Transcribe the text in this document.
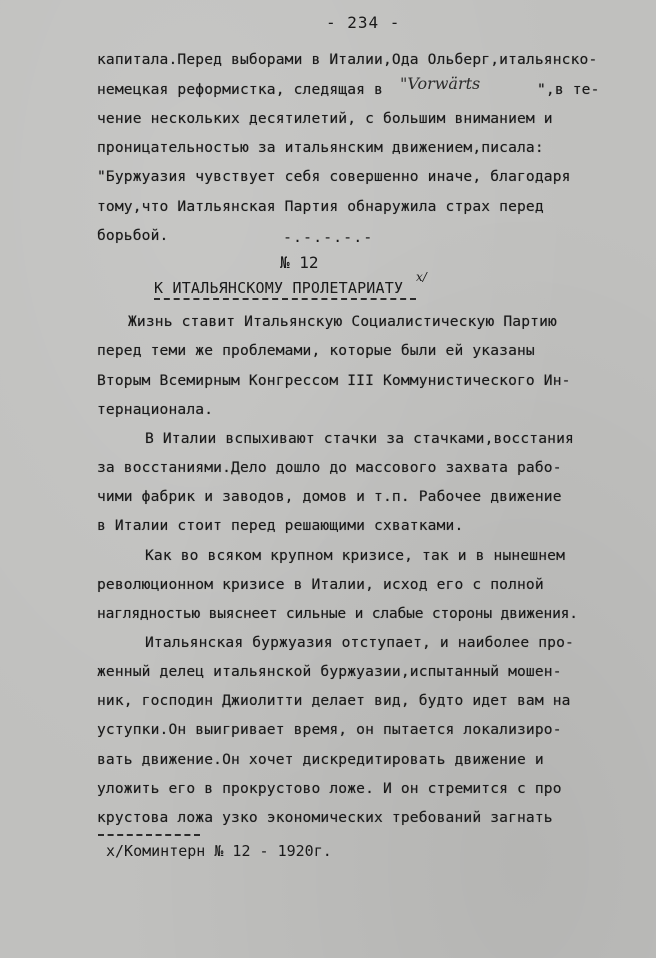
- 234 -
капитала.Перед выборами в Италии,Ода Ольберг,итальянско-
немецкая реформистка, следящая в "Vorwärts	",в те-
чение нескольких десятилетий, с большим вниманием и
проницательностью за итальянским движением,писала:
"Буржуазия чувствует себя совершенно иначе, благодаря
тому,что Иатльянская Партия обнаружила страх перед
борьбой.	-.-.-.-.-
№ 12
К ИТАЛЬЯНСКОМУ ПРОЛЕТАРИАТУ
х/
Жизнь ставит Итальянскую Социалистическую Партию
перед теми же проблемами, которые были ей указаны
Вторым Всемирным Конгрессом III Коммунистического Ин-
тернационала.
В Италии вспыхивают стачки за стачками,восстания
за восстаниями.Дело дошло до массового захвата рабо-
чими фабрик и заводов, домов и т.п. Рабочее движение
в Италии стоит перед решающими схватками.
Как во всяком крупном кризисе, так и в нынешнем
революционном кризисе в Италии, исход его с полной
наглядностью выяснеет сильные и слабые стороны движения.
Итальянская буржуазия отступает, и наиболее про-
женный делец итальянской буржуазии,испытанный мошен-
ник, господин Джиолитти делает вид, будто идет вам на
уступки.Он выигривает время, он пытается локализиро-
вать движение.Он хочет дискредитировать движение и
уложить его в прокрустово ложе. И он стремится с про
крустова ложа узко экономических требований загнать
х/Коминтерн № 12 - 1920г.
